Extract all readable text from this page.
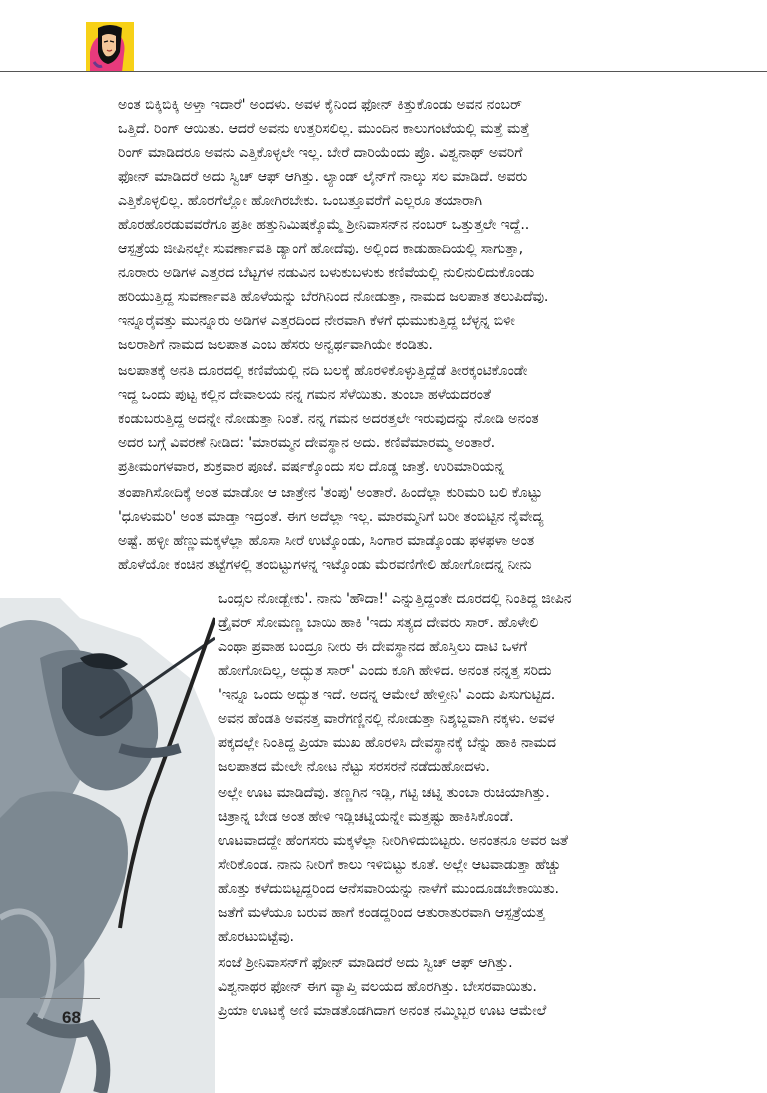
ಅಂತ ಬಿಕ್ಕಿಬಿಕ್ಕಿ ಅಳ್ತಾ ಇದಾರೆ' ಅಂದಳು. ಅವಳ ಕೈನಿಂದ ಫೋನ್ ಕಿತ್ತುಕೊಂಡು ಅವನ ನಂಬರ್
ಒತ್ತಿದೆ. ರಿಂಗ್ ಆಯಿತು. ಆದರೆ ಅವನು ಉತ್ತರಿಸಲಿಲ್ಲ. ಮುಂದಿನ ಕಾಲುಗಂಟೆಯಲ್ಲಿ ಮತ್ತೆ ಮತ್ತೆ
ರಿಂಗ್ ಮಾಡಿದರೂ ಅವನು ಎತ್ತಿಕೊಳ್ಳಲೇ ಇಲ್ಲ. ಬೇರೆ ದಾರಿಯೆಂದು ಪ್ರೊ. ವಿಶ್ವನಾಥ್ ಅವರಿಗೆ
ಫೋನ್ ಮಾಡಿದರೆ ಅದು ಸ್ವಿಚ್ ಆಫ್ ಆಗಿತ್ತು. ಲ್ಯಾಂಡ್ ಲೈನ್‌ಗೆ ನಾಲ್ಕು ಸಲ ಮಾಡಿದೆ. ಅವರು
ಎತ್ತಿಕೊಳ್ಳಲಿಲ್ಲ. ಹೊರಗೆಲ್ಲೋ ಹೋಗಿರಬೇಕು. ಒಂಬತ್ತೂವರೆಗೆ ಎಲ್ಲರೂ ತಯಾರಾಗಿ
ಹೊರಹೊರಡುವವರೆಗೂ ಪ್ರತೀ ಹತ್ತುನಿಮಿಷಕ್ಕೊಮ್ಮೆ ಶ್ರೀನಿವಾಸನ್‌ನ ನಂಬರ್ ಒತ್ತುತ್ತಲೇ ಇದ್ದೆ..
ಆಸ್ಪತ್ರೆಯ ಜೀಪಿನಲ್ಲೇ ಸುವರ್ಣಾವತಿ ಡ್ಯಾಂಗೆ ಹೋದೆವು. ಅಲ್ಲಿಂದ ಕಾಡುಹಾದಿಯಲ್ಲಿ ಸಾಗುತ್ತಾ,
ನೂರಾರು ಅಡಿಗಳ ಎತ್ತರದ ಬೆಟ್ಟಗಳ ನಡುವಿನ ಬಳುಕುಬಳುಕು ಕಣಿವೆಯಲ್ಲಿ ನುಲಿನುಲಿದುಕೊಂಡು
ಹರಿಯುತ್ತಿದ್ದ ಸುವರ್ಣಾವತಿ ಹೊಳೆಯನ್ನು ಬೆರಗಿನಿಂದ ನೋಡುತ್ತಾ, ನಾಮದ ಜಲಪಾತ ತಲುಪಿದೆವು.
ಇನ್ನೂರೈವತ್ತು ಮುನ್ನೂರು ಅಡಿಗಳ ಎತ್ತರದಿಂದ ನೇರವಾಗಿ ಕೆಳಗೆ ಧುಮುಕುತ್ತಿದ್ದ ಬೆಳ್ಳನ್ನ ಬಿಳೀ
ಜಲರಾಶಿಗೆ ನಾಮದ ಜಲಪಾತ ಎಂಬ ಹೆಸರು ಅನ್ವರ್ಥವಾಗಿಯೇ ಕಂಡಿತು.
ಜಲಪಾತಕ್ಕೆ ಅನತಿ ದೂರದಲ್ಲಿ ಕಣಿವೆಯಲ್ಲಿ ನದಿ ಬಲಕ್ಕೆ ಹೊರಳಿಕೊಳ್ಳುತ್ತಿದ್ದೆಡೆ ತೀರಕ್ಕಂಟಿಕೊಂಡೇ
ಇದ್ದ ಒಂದು ಪುಟ್ಟ ಕಲ್ಲಿನ ದೇವಾಲಯ ನನ್ನ ಗಮನ ಸೆಳೆಯಿತು. ತುಂಬಾ ಹಳೆಯದರಂತೆ
ಕಂಡುಬರುತ್ತಿದ್ದ ಅದನ್ನೇ ನೋಡುತ್ತಾ ನಿಂತೆ. ನನ್ನ ಗಮನ ಅದರತ್ತಲೇ ಇರುವುದನ್ನು ನೋಡಿ ಅನಂತ
ಅದರ ಬಗ್ಗೆ ವಿವರಣೆ ನೀಡಿದ: 'ಮಾರಮ್ಮನ ದೇವಸ್ಥಾನ ಅದು. ಕಣಿವೆಮಾರಮ್ಮ ಅಂತಾರೆ.
ಪ್ರತೀಮಂಗಳವಾರ, ಶುಕ್ರವಾರ ಪೂಜೆ. ವರ್ಷಕ್ಕೊಂದು ಸಲ ದೊಡ್ಡ ಜಾತ್ರೆ. ಉರಿಮಾರಿಯನ್ನ
ತಂಪಾಗಿಸೋದಿಕ್ಕೆ ಅಂತ ಮಾಡೋ ಆ ಜಾತ್ರೇನ 'ತಂಪು' ಅಂತಾರೆ. ಹಿಂದೆಲ್ಲಾ ಕುರಿಮರಿ ಬಲಿ ಕೊಟ್ಟು
'ಧೂಳುಮರಿ' ಅಂತ ಮಾಡ್ತಾ ಇದ್ರಂತೆ. ಈಗ ಅದೆಲ್ಲಾ ಇಲ್ಲ. ಮಾರಮ್ಮನಿಗೆ ಬರೀ ತಂಬಿಟ್ಟಿನ ನೈವೇದ್ಯ
ಅಷ್ಟೆ. ಹಳ್ಳೀ ಹೆಣ್ಣುಮಕ್ಕಳೆಲ್ಲಾ ಹೊಸಾ ಸೀರೆ ಉಟ್ಕೊಂಡು, ಸಿಂಗಾರ ಮಾಡ್ಕೊಂಡು ಫಳಫಳಾ ಅಂತ
ಹೊಳೆಯೋ ಕಂಚಿನ ತಟ್ಟೆಗಳಲ್ಲಿ ತಂಬಿಟ್ಟುಗಳನ್ನ ಇಟ್ಕೊಂಡು ಮೆರವಣಿಗೇಲಿ ಹೋಗೋದನ್ನ ನೀನು
ಒಂದ್ಸಲ ನೋಡ್ಬೇಕು'. ನಾನು 'ಹೌದಾ!' ಎನ್ನುತ್ತಿದ್ದಂತೇ ದೂರದಲ್ಲಿ ನಿಂತಿದ್ದ ಜೀಪಿನ
ಡ್ರೈವರ್ ಸೋಮಣ್ಣ ಬಾಯಿ ಹಾಕಿ 'ಇದು ಸತ್ಯದ ದೇವರು ಸಾರ್. ಹೊಳೇಲಿ
ಎಂಥಾ ಪ್ರವಾಹ ಬಂದ್ರೂ ನೀರು ಈ ದೇವಸ್ಥಾನದ ಹೊಸ್ತಿಲು ದಾಟಿ ಒಳಗೆ
ಹೋಗೋದಿಲ್ಲ, ಅದ್ಭುತ ಸಾರ್' ಎಂದು ಕೂಗಿ ಹೇಳಿದ. ಅನಂತ ನನ್ನತ್ತ ಸರಿದು
'ಇನ್ನೂ ಒಂದು ಅದ್ಭುತ ಇದೆ. ಅದನ್ನ ಆಮೇಲೆ ಹೇಳ್ತೀನಿ' ಎಂದು ಪಿಸುಗುಟ್ಟಿದ.
ಅವನ ಹೆಂಡತಿ ಅವನತ್ತ ವಾರೆಗಣ್ಣಿನಲ್ಲಿ ನೋಡುತ್ತಾ ನಿಶ್ಶಬ್ದವಾಗಿ ನಕ್ಕಳು. ಅವಳ
ಪಕ್ಕದಲ್ಲೇ ನಿಂತಿದ್ದ ಪ್ರಿಯಾ ಮುಖ ಹೊರಳಿಸಿ ದೇವಸ್ಥಾನಕ್ಕೆ ಬೆನ್ನು ಹಾಕಿ ನಾಮದ
ಜಲಪಾತದ ಮೇಲೇ ನೋಟ ನೆಟ್ಟು ಸರಸರನೆ ನಡೆದುಹೋದಳು.
ಅಲ್ಲೇ ಊಟ ಮಾಡಿದೆವು. ತಣ್ಣಗಿನ ಇಡ್ಲಿ, ಗಟ್ಟಿ ಚಟ್ನಿ ತುಂಬಾ ರುಚಿಯಾಗಿತ್ತು.
ಚಿತ್ರಾನ್ನ ಬೇಡ ಅಂತ ಹೇಳಿ ಇಡ್ಲಿಚಟ್ನಿಯನ್ನೇ ಮತ್ತಷ್ಟು ಹಾಕಿಸಿಕೊಂಡೆ.
ಊಟವಾದದ್ದೇ ಹೆಂಗಸರು ಮಕ್ಕಳೆಲ್ಲಾ ನೀರಿಗಿಳಿದುಬಿಟ್ಟರು. ಅನಂತನೂ ಅವರ ಜತೆ
ಸೇರಿಕೊಂಡ. ನಾನು ನೀರಿಗೆ ಕಾಲು ಇಳಿಬಿಟ್ಟು ಕೂತೆ. ಅಲ್ಲೇ ಆಟವಾಡುತ್ತಾ ಹೆಚ್ಚು
ಹೊತ್ತು ಕಳೆದುಬಿಟ್ಟದ್ದರಿಂದ ಆನೆಸವಾರಿಯನ್ನು ನಾಳೆಗೆ ಮುಂದೂಡಬೇಕಾಯಿತು.
ಜತೆಗೆ ಮಳೆಯೂ ಬರುವ ಹಾಗೆ ಕಂಡದ್ದರಿಂದ ಆತುರಾತುರವಾಗಿ ಆಸ್ಪತ್ರೆಯತ್ತ
ಹೊರಟುಬಿಟ್ಟೆವು.
ಸಂಜೆ ಶ್ರೀನಿವಾಸನ್‌ಗೆ ಫೋನ್ ಮಾಡಿದರೆ ಅದು ಸ್ವಿಚ್ ಆಫ್ ಆಗಿತ್ತು.
ವಿಶ್ವನಾಥರ ಫೋನ್ ಈಗ ವ್ಯಾಪ್ತಿ ವಲಯದ ಹೊರಗಿತ್ತು. ಬೇಸರವಾಯಿತು.
ಪ್ರಿಯಾ ಊಟಕ್ಕೆ ಅಣಿ ಮಾಡತೊಡಗಿದಾಗ ಅನಂತ ನಮ್ಮಿಬ್ಬರ ಊಟ ಆಮೇಲೆ
68
